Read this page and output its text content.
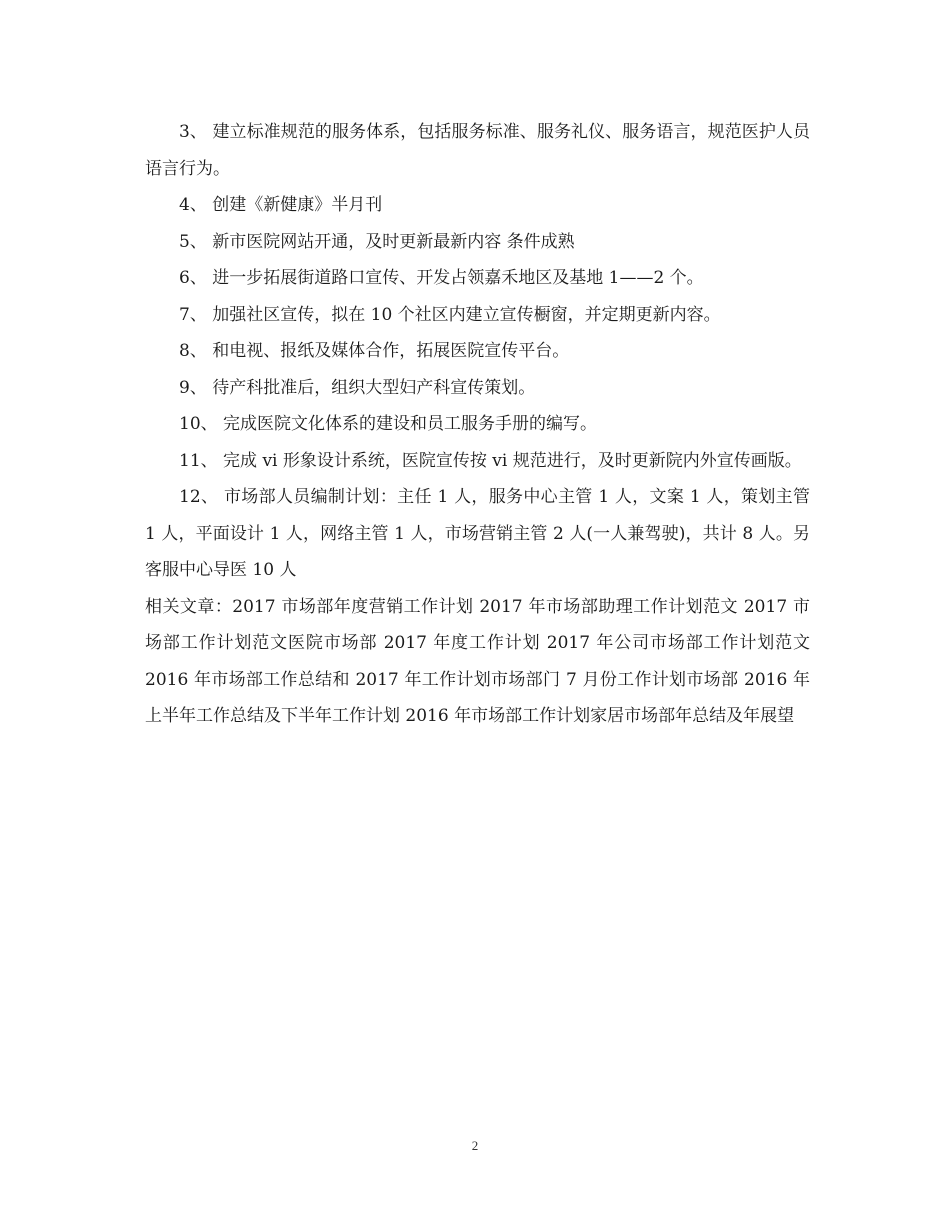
3、 建立标准规范的服务体系，包括服务标准、服务礼仪、服务语言，规范医护人员语言行为。

4、 创建《新健康》半月刊

5、 新市医院网站开通，及时更新最新内容 条件成熟

6、 进一步拓展街道路口宣传、开发占领嘉禾地区及基地 1——2 个。

7、 加强社区宣传，拟在 10 个社区内建立宣传橱窗，并定期更新内容。

8、 和电视、报纸及媒体合作，拓展医院宣传平台。

9、 待产科批准后，组织大型妇产科宣传策划。

10、 完成医院文化体系的建设和员工服务手册的编写。

11、 完成 vi 形象设计系统，医院宣传按 vi 规范进行，及时更新院内外宣传画版。

12、 市场部人员编制计划：主任 1 人，服务中心主管 1 人，文案 1 人，策划主管 1 人，平面设计 1 人，网络主管 1 人，市场营销主管 2 人(一人兼驾驶)，共计 8 人。另客服中心导医 10 人

相关文章：2017 市场部年度营销工作计划 2017 年市场部助理工作计划范文 2017 市场部工作计划范文医院市场部 2017 年度工作计划 2017 年公司市场部工作计划范文 2016 年市场部工作总结和 2017 年工作计划市场部门 7 月份工作计划市场部 2016 年上半年工作总结及下半年工作计划 2016 年市场部工作计划家居市场部年总结及年展望

2
